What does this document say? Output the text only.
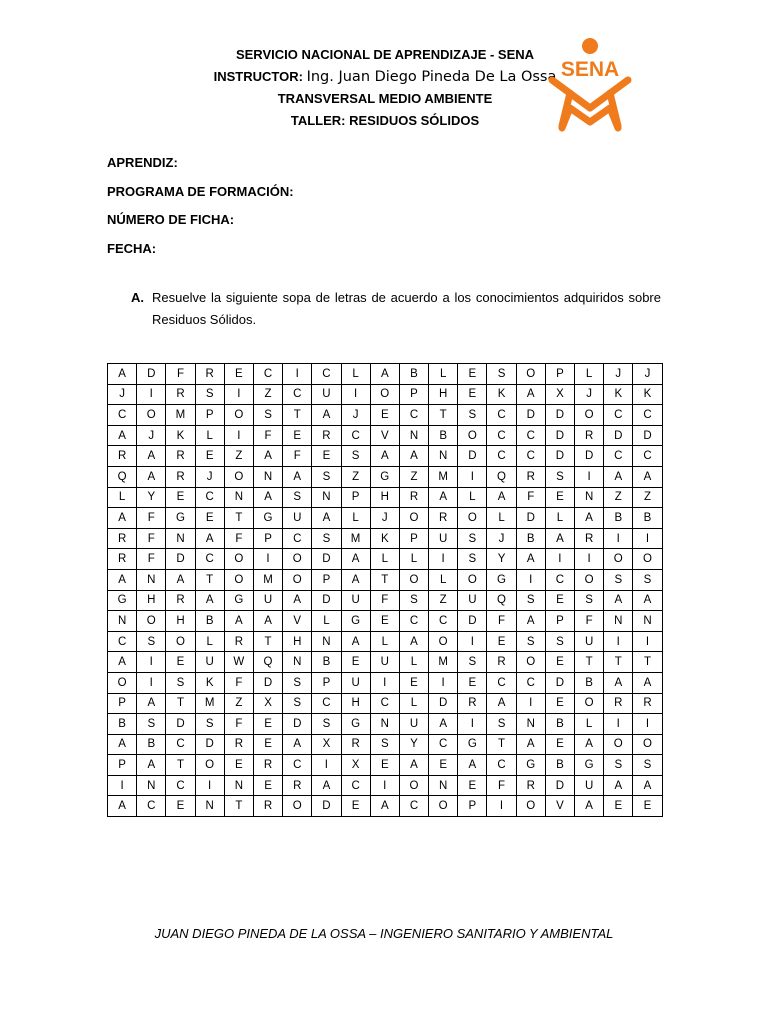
SERVICIO NACIONAL DE APRENDIZAJE - SENA
INSTRUCTOR: Ing. Juan Diego Pineda De La Ossa
TRANSVERSAL MEDIO AMBIENTE
TALLER: RESIDUOS SÓLIDOS
SENA
APRENDIZ:
PROGRAMA DE FORMACIÓN:
NÚMERO DE FICHA:
FECHA:
A. Resuelve la siguiente sopa de letras de acuerdo a los conocimientos adquiridos sobre Residuos Sólidos.
A	D	F	R	E	C	I	C	L	A	B	L	E	S	O	P	L	J	J
J	I	R	S	I	Z	C	U	I	O	P	H	E	K	A	X	J	K	K
C	O	M	P	O	S	T	A	J	E	C	T	S	C	D	D	O	C	C
A	J	K	L	I	F	E	R	C	V	N	B	O	C	C	D	R	D	D
R	A	R	E	Z	A	F	E	S	A	A	N	D	C	C	D	D	C	C
Q	A	R	J	O	N	A	S	Z	G	Z	M	I	Q	R	S	I	A	A
L	Y	E	C	N	A	S	N	P	H	R	A	L	A	F	E	N	Z	Z
A	F	G	E	T	G	U	A	L	J	O	R	O	L	D	L	A	B	B
R	F	N	A	F	P	C	S	M	K	P	U	S	J	B	A	R	I	I
R	F	D	C	O	I	O	D	A	L	L	I	S	Y	A	I	I	O	O
A	N	A	T	O	M	O	P	A	T	O	L	O	G	I	C	O	S	S
G	H	R	A	G	U	A	D	U	F	S	Z	U	Q	S	E	S	A	A
N	O	H	B	A	A	V	L	G	E	C	C	D	F	A	P	F	N	N
C	S	O	L	R	T	H	N	A	L	A	O	I	E	S	S	U	I	I
A	I	E	U	W	Q	N	B	E	U	L	M	S	R	O	E	T	T	T
O	I	S	K	F	D	S	P	U	I	E	I	E	C	C	D	B	A	A
P	A	T	M	Z	X	S	C	H	C	L	D	R	A	I	E	O	R	R
B	S	D	S	F	E	D	S	G	N	U	A	I	S	N	B	L	I	I
A	B	C	D	R	E	A	X	R	S	Y	C	G	T	A	E	A	O	O
P	A	T	O	E	R	C	I	X	E	A	E	A	C	G	B	G	S	S
I	N	C	I	N	E	R	A	C	I	O	N	E	F	R	D	U	A	A
A	C	E	N	T	R	O	D	E	A	C	O	P	I	O	V	A	E	E
JUAN DIEGO PINEDA DE LA OSSA – INGENIERO SANITARIO Y AMBIENTAL
